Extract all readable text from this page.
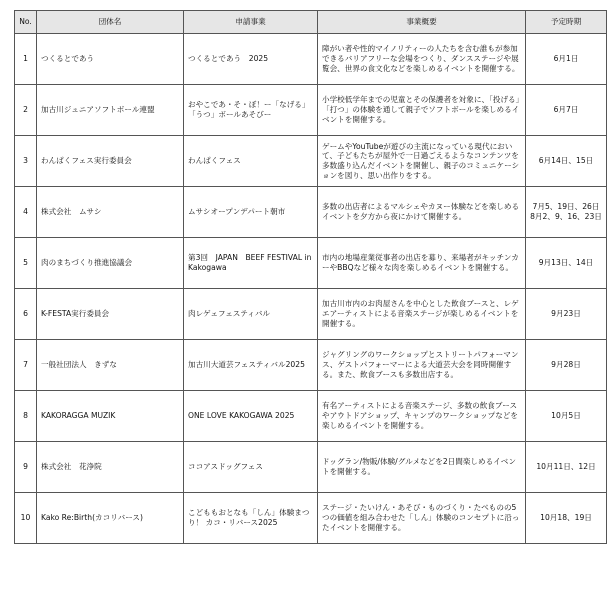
No.	団体名	申請事業	事業概要	予定時期
1	つくるとであう	つくるとであう　2025	障がい者や性的マイノリティーの人たちを含む誰もが参加できるバリアフリーな会場をつくり、ダンスステージや展覧会、世界の食文化などを楽しめるイベントを開催する。	6月1日
2	加古川ジュニアソフトボール連盟	おやこであ・そ・ぼ！ー「なげる」「うつ」ボールあそびー	小学校低学年までの児童とその保護者を対象に、「投げる」「打つ」の体験を通して親子でソフトボールを楽しめるイベントを開催する。	6月7日
3	わんぱくフェス実行委員会	わんぱくフェス	ゲームやYouTubeが遊びの主流になっている現代において、子どもたちが屋外で一日過ごえるようなコンテンツを多数盛り込んだイベントを開催し、親子のコミュニケーションを図り、思い出作りをする。	6月14日、15日
4	株式会社　ムサシ	ムサシオープンデパート朝市	多数の出店者によるマルシェやカヌー体験などを楽しめるイベントを夕方から夜にかけて開催する。	7月5、19日、26日 8月2、9、16、23日
5	肉のまちづくり推進協議会	第3回　JAPAN　BEEF FESTIVAL in Kakogawa	市内の地場産業従事者の出店を募り、来場者がキッチンカーやBBQなど様々な肉を楽しめるイベントを開催する。	9月13日、14日
6	K-FESTA実行委員会	肉レゲェフェスティバル	加古川市内のお肉屋さんを中心とした飲食ブースと、レゲエアーティストによる音楽ステージが楽しめるイベントを開催する。	9月23日
7	一般社団法人　きずな	加古川大道芸フェスティバル2025	ジャグリングのワークショップとストリートパフォーマンス、ゲストパフォーマーによる大道芸大会を同時開催する。また、飲食ブースも多数出店する。	9月28日
8	KAKORAGGA MUZIK	ONE LOVE KAKOGAWA 2025	有名アーティストによる音楽ステージ、多数の飲食ブースやアウトドアショップ、キャンプのワークショップなどを楽しめるイベントを開催する。	10月5日
9	株式会社　花浄院	ココアスドッグフェス	ドッグラン/物販/体験/グルメなどを2日間楽しめるイベントを開催する。	10月11日、12日
10	Kako Re:Birth(カコリバース)	こどももおとなも「しん」体験まつり！ カコ・リバース2025	ステージ・たいけん・あそび・ものづくり・たべものの5つの価値を組み合わせた「しん」体験のコンセプトに沿ったイベントを開催する。	10月18、19日
